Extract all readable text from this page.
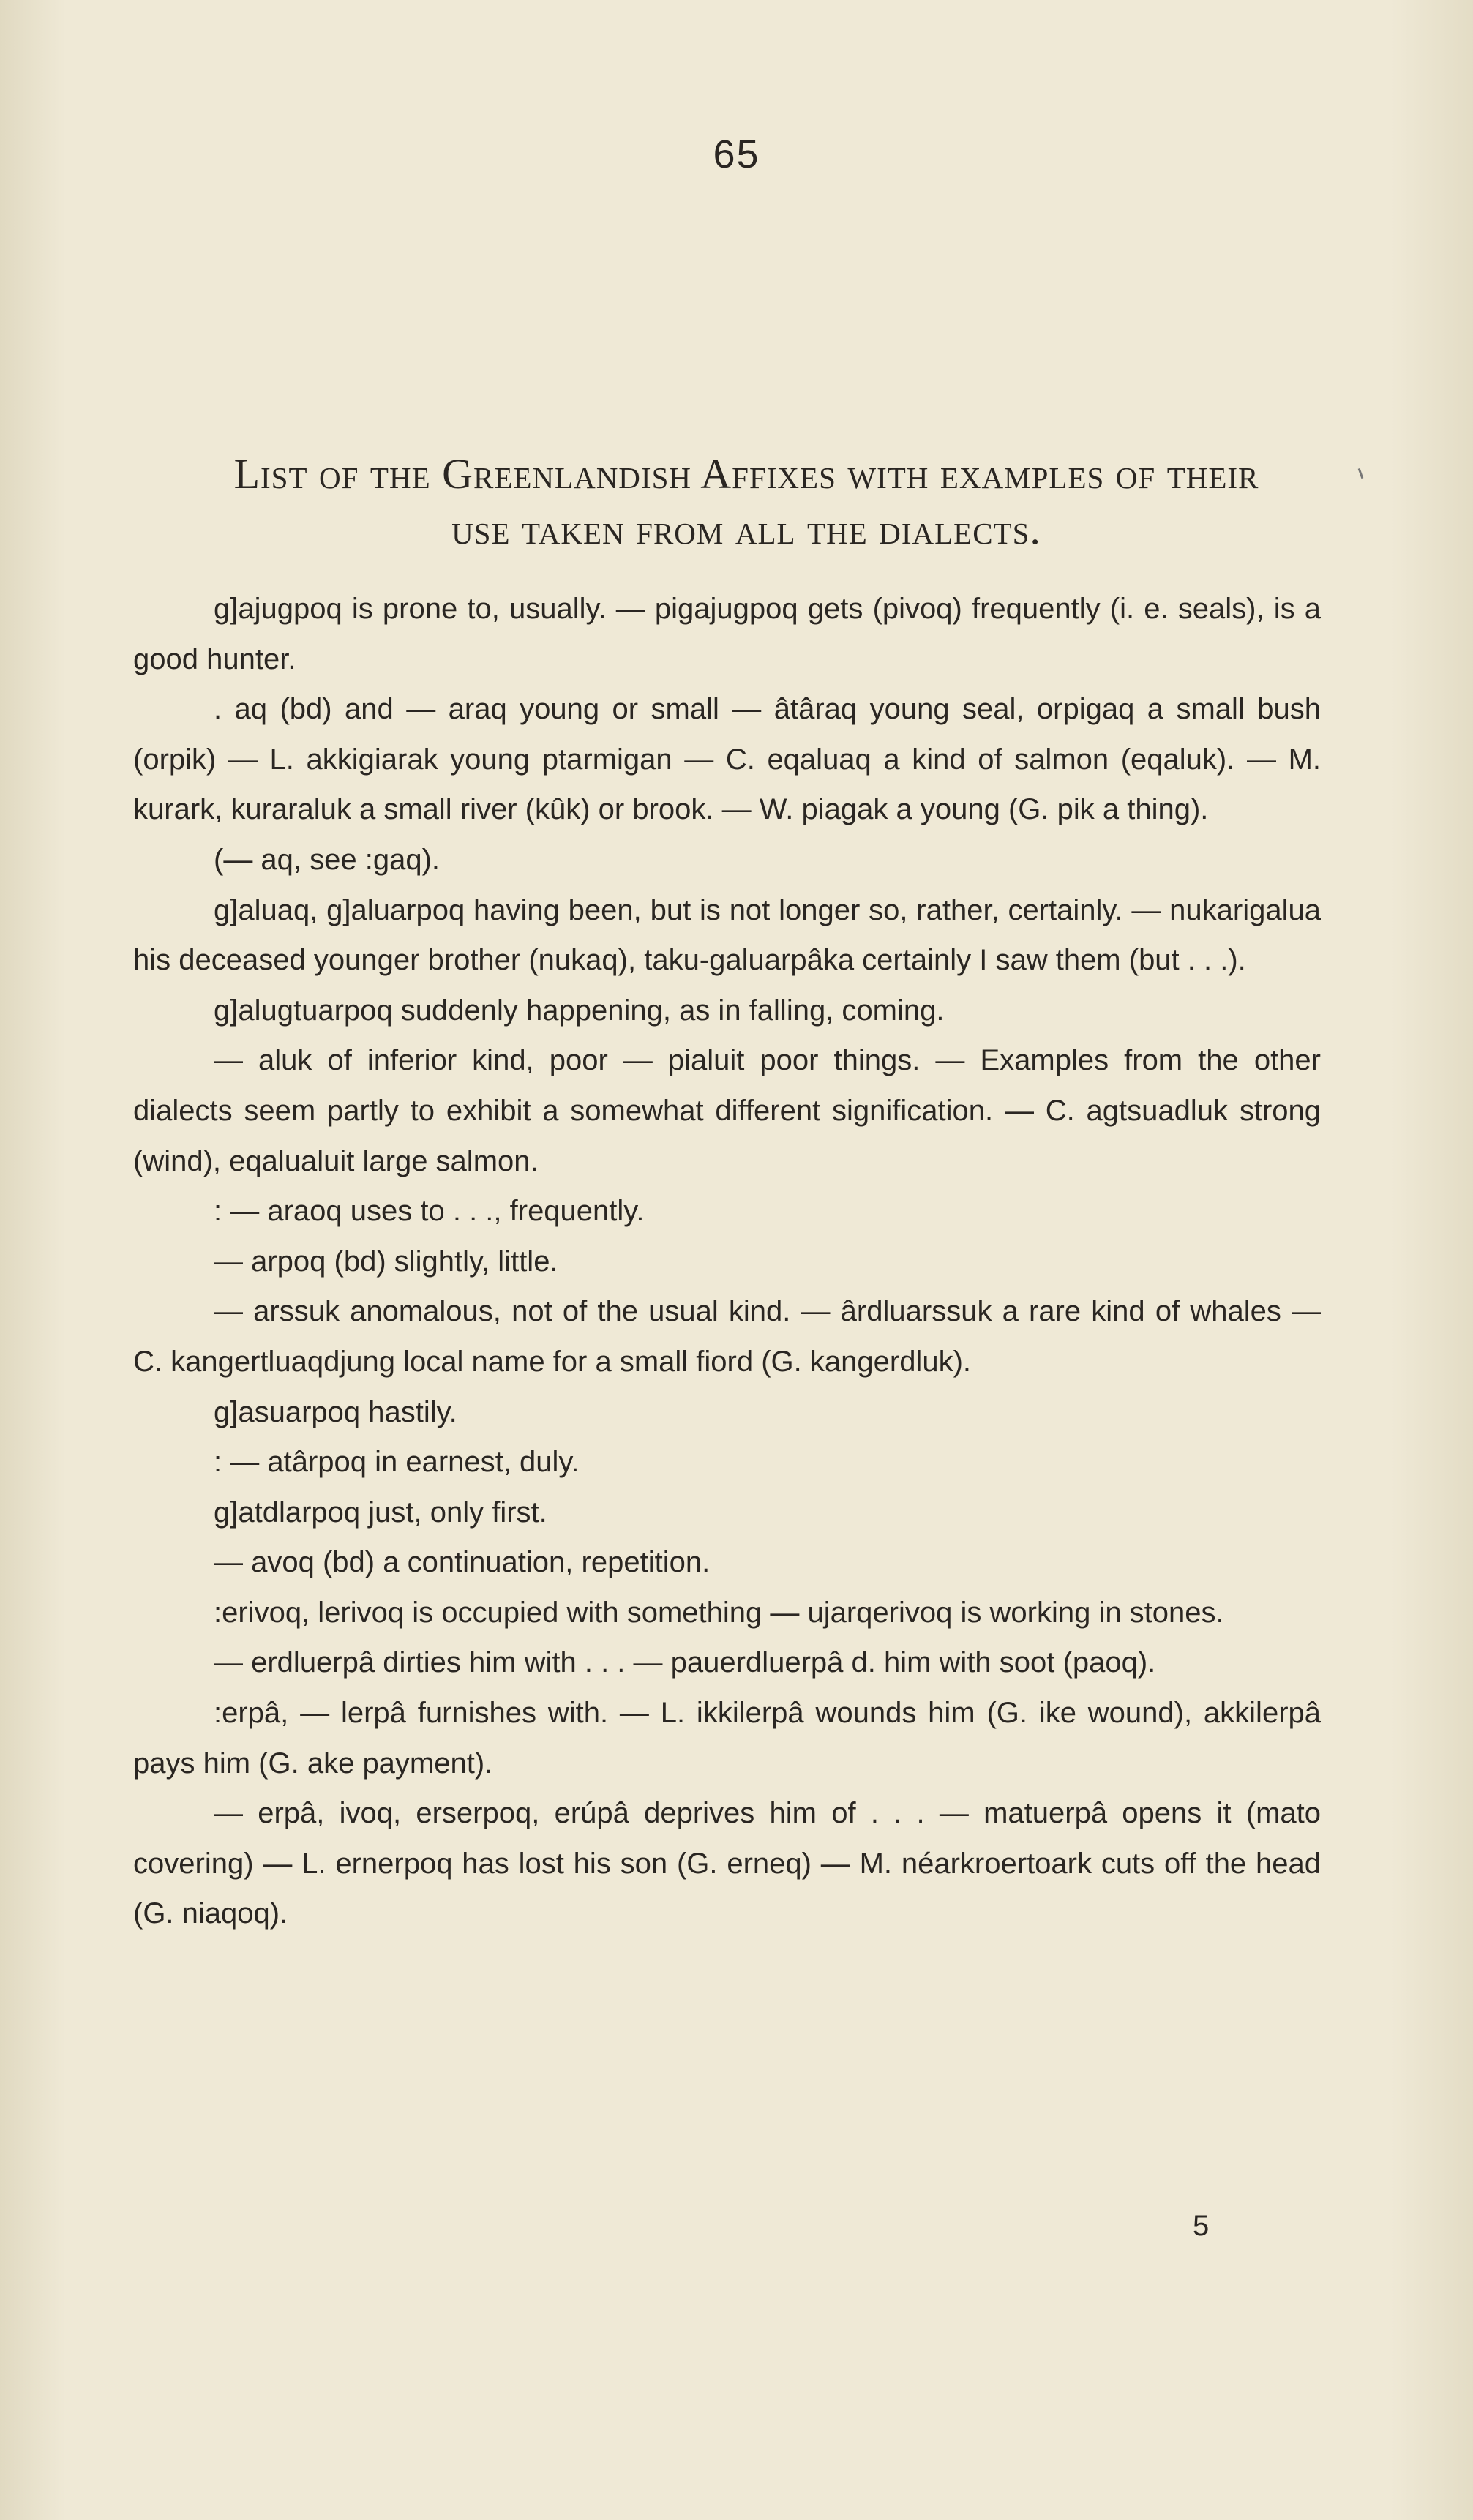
65
List of the Greenlandish Affixes with examples of their
use taken from all the dialects.

g]ajugpoq is prone to, usually. — pigajugpoq gets (pivoq) frequently (i. e. seals), is a good hunter.

. aq (bd) and — araq young or small — âtâraq young seal, orpigaq a small bush (orpik) — L. akkigiarak young ptarmigan — C. eqaluaq a kind of salmon (eqaluk). — M. kurark, kuraraluk a small river (kûk) or brook. — W. piagak a young (G. pik a thing).

(— aq, see :gaq).

g]aluaq, g]aluarpoq having been, but is not longer so, rather, certainly. — nukarigalua his deceased younger brother (nukaq), taku-galuarpâka certainly I saw them (but . . .).

g]alugtuarpoq suddenly happening, as in falling, coming.

— aluk of inferior kind, poor — pialuit poor things. — Examples from the other dialects seem partly to exhibit a somewhat different signification. — C. agtsuadluk strong (wind), eqalualuit large salmon.

: — araoq uses to . . ., frequently.

— arpoq (bd) slightly, little.

— arssuk anomalous, not of the usual kind. — ârdluarssuk a rare kind of whales — C. kangertluaqdjung local name for a small fiord (G. kangerdluk).

g]asuarpoq hastily.

: — atârpoq in earnest, duly.

g]atdlarpoq just, only first.

— avoq (bd) a continuation, repetition.

:erivoq, lerivoq is occupied with something — ujarqerivoq is working in stones.

— erdluerpâ dirties him with . . . — pauerdluerpâ d. him with soot (paoq).

:erpâ, — lerpâ furnishes with. — L. ikkilerpâ wounds him (G. ike wound), akkilerpâ pays him (G. ake payment).

— erpâ, ivoq, erserpoq, erúpâ deprives him of . . . — matuerpâ opens it (mato covering) — L. ernerpoq has lost his son (G. erneq) — M. néarkroertoark cuts off the head (G. niaqoq).

5
